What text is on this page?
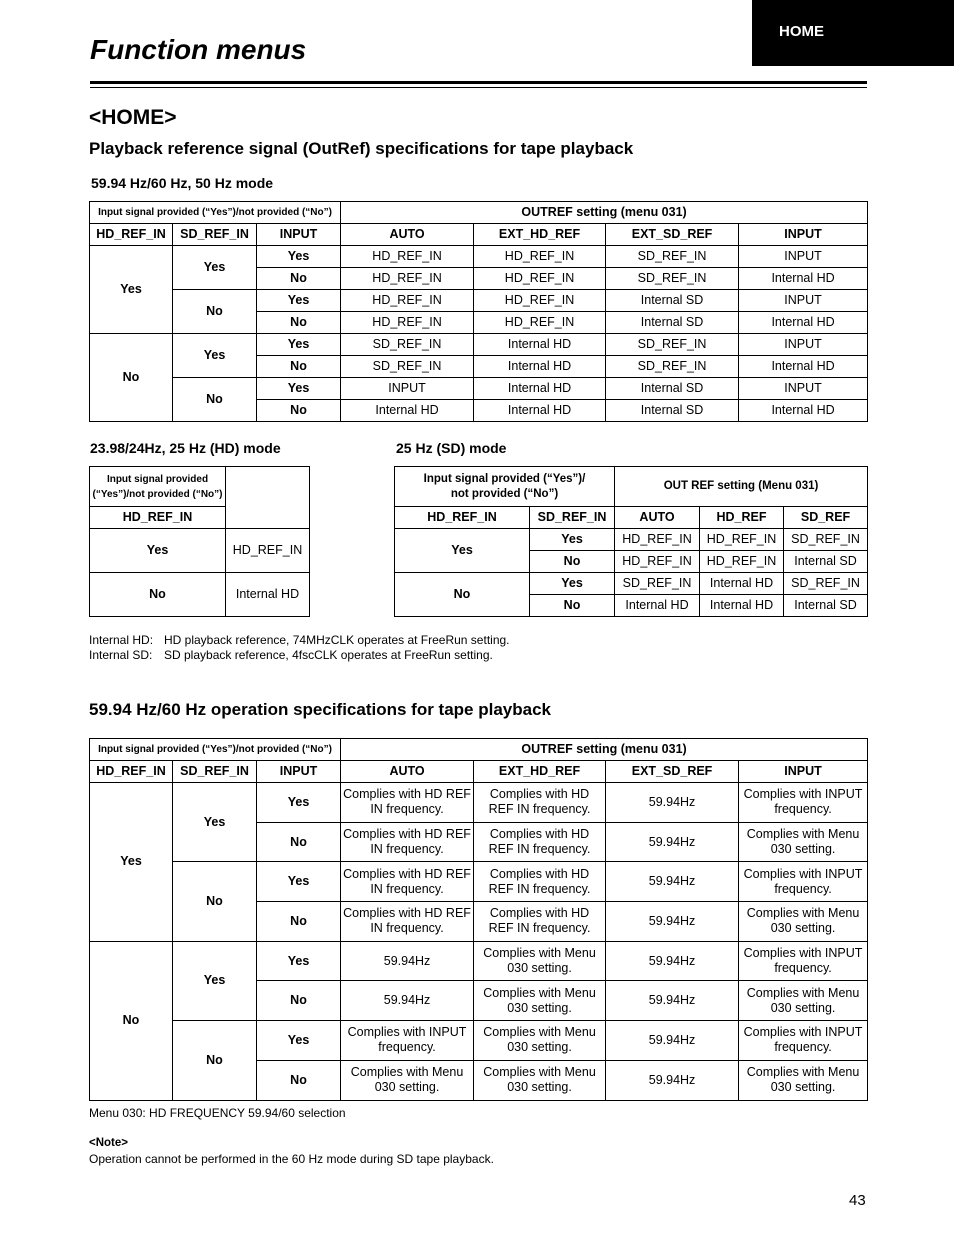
HOME
Function menus
<HOME>
Playback reference signal (OutRef) specifications for tape playback
59.94 Hz/60 Hz, 50 Hz mode
Input signal provided (“Yes”)/not provided (“No”)			OUTREF setting (menu 031)			
HD_REF_IN	SD_REF_IN	INPUT	AUTO	EXT_HD_REF	EXT_SD_REF	INPUT
Yes	Yes	Yes	HD_REF_IN	HD_REF_IN	SD_REF_IN	INPUT
		No	HD_REF_IN	HD_REF_IN	SD_REF_IN	Internal HD
	No	Yes	HD_REF_IN	HD_REF_IN	Internal SD	INPUT
		No	HD_REF_IN	HD_REF_IN	Internal SD	Internal HD
No	Yes	Yes	SD_REF_IN	Internal HD	SD_REF_IN	INPUT
		No	SD_REF_IN	Internal HD	SD_REF_IN	Internal HD
	No	Yes	INPUT	Internal HD	Internal SD	INPUT
		No	Internal HD	Internal HD	Internal SD	Internal HD
23.98/24Hz, 25 Hz (HD) mode	25 Hz (SD) mode
Input signal provided
(“Yes”)/not provided (“No”)	
HD_REF_IN	
Yes	HD_REF_IN
No	Internal HD
Input signal provided (“Yes”)/
not provided (“No”)		OUT REF setting (Menu 031)		
HD_REF_IN	SD_REF_IN	AUTO	HD_REF	SD_REF
Yes	Yes	HD_REF_IN	HD_REF_IN	SD_REF_IN
	No	HD_REF_IN	HD_REF_IN	Internal SD
No	Yes	SD_REF_IN	Internal HD	SD_REF_IN
	No	Internal HD	Internal HD	Internal SD
Internal HD:	HD playback reference, 74MHzCLK operates at FreeRun setting.
Internal SD:	SD playback reference, 4fscCLK operates at FreeRun setting.
59.94 Hz/60 Hz operation specifications for tape playback
Input signal provided (“Yes”)/not provided (“No”)			OUTREF setting (menu 031)			
HD_REF_IN	SD_REF_IN	INPUT	AUTO	EXT_HD_REF	EXT_SD_REF	INPUT
Yes	Yes	Yes	Complies with HD REF IN frequency.	Complies with HD REF IN frequency.	59.94Hz	Complies with INPUT frequency.
		No	Complies with HD REF IN frequency.	Complies with HD REF IN frequency.	59.94Hz	Complies with Menu 030 setting.
	No	Yes	Complies with HD REF IN frequency.	Complies with HD REF IN frequency.	59.94Hz	Complies with INPUT frequency.
		No	Complies with HD REF IN frequency.	Complies with HD REF IN frequency.	59.94Hz	Complies with Menu 030 setting.
No	Yes	Yes	59.94Hz	Complies with Menu 030 setting.	59.94Hz	Complies with INPUT frequency.
		No	59.94Hz	Complies with Menu 030 setting.	59.94Hz	Complies with Menu 030 setting.
	No	Yes	Complies with INPUT frequency.	Complies with Menu 030 setting.	59.94Hz	Complies with INPUT frequency.
		No	Complies with Menu 030 setting.	Complies with Menu 030 setting.	59.94Hz	Complies with Menu 030 setting.
Menu 030: HD FREQUENCY 59.94/60 selection
<Note>
Operation cannot be performed in the 60 Hz mode during SD tape playback.
43
